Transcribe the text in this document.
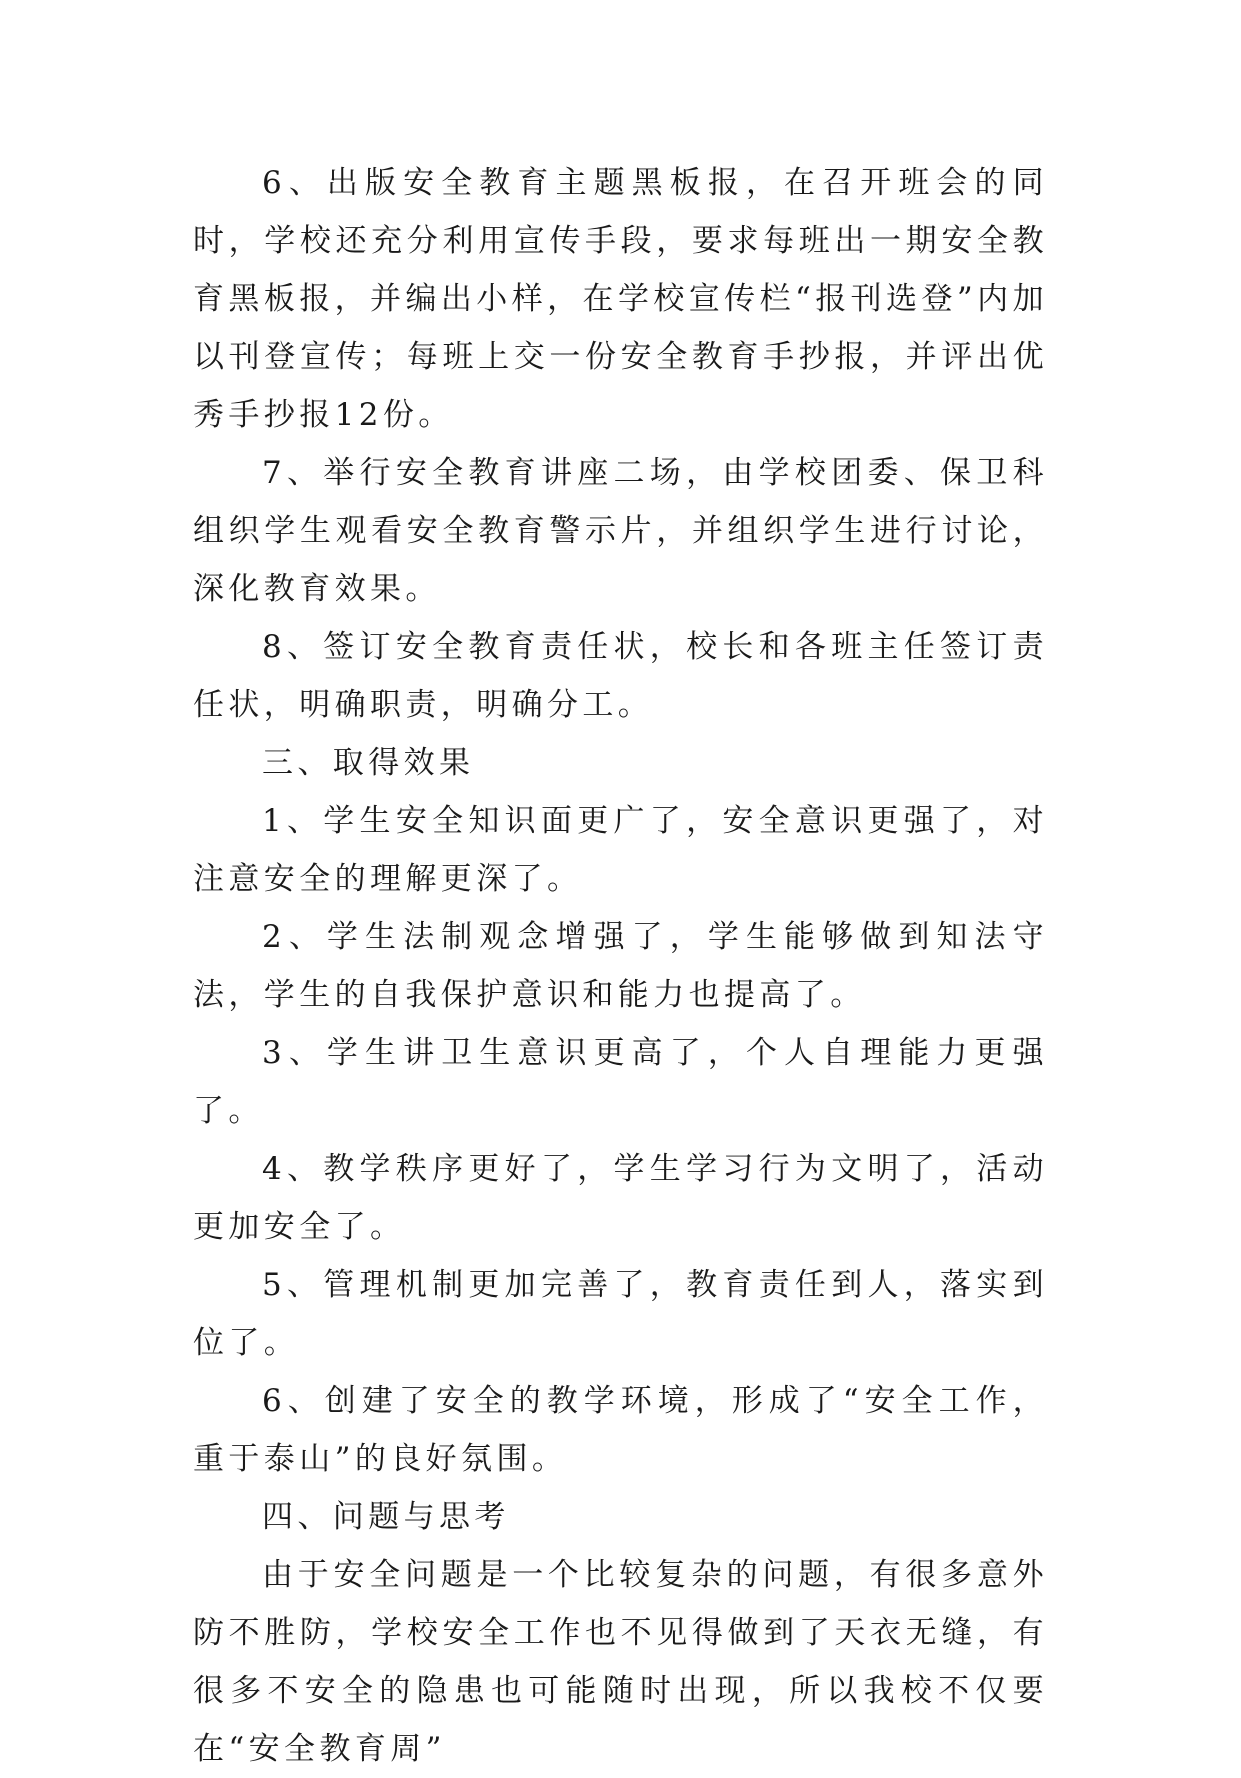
6、出版安全教育主题黑板报，在召开班会的同时，学校还充分利用宣传手段，要求每班出一期安全教育黑板报，并编出小样，在学校宣传栏“报刊选登”内加以刊登宣传；每班上交一份安全教育手抄报，并评出优秀手抄报12份。

7、举行安全教育讲座二场，由学校团委、保卫科组织学生观看安全教育警示片，并组织学生进行讨论，深化教育效果。

8、签订安全教育责任状，校长和各班主任签订责任状，明确职责，明确分工。

三、取得效果

1、学生安全知识面更广了，安全意识更强了，对注意安全的理解更深了。

2、学生法制观念增强了，学生能够做到知法守法，学生的自我保护意识和能力也提高了。

3、学生讲卫生意识更高了，个人自理能力更强了。

4、教学秩序更好了，学生学习行为文明了，活动更加安全了。

5、管理机制更加完善了，教育责任到人，落实到位了。

6、创建了安全的教学环境，形成了“安全工作，重于泰山”的良好氛围。

四、问题与思考

由于安全问题是一个比较复杂的问题，有很多意外防不胜防，学校安全工作也不见得做到了天衣无缝，有很多不安全的隐患也可能随时出现，所以我校不仅要在“安全教育周”
